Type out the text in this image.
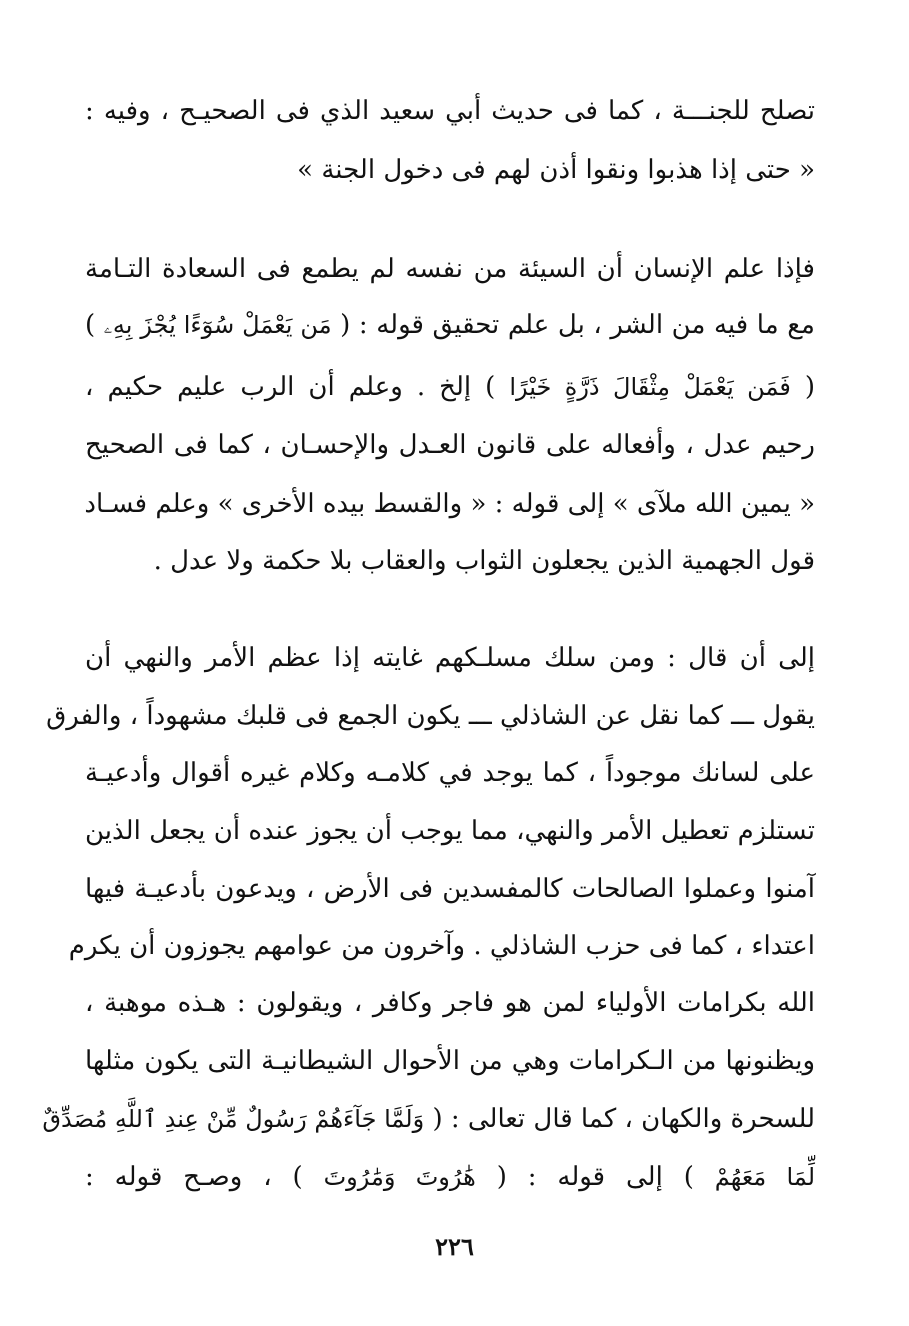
تصلح للجنـــة ، كما فى حديث أبي سعيد الذي فى الصحيـح ، وفيه :
« حتى إذا هذبوا ونقوا أذن لهم فى دخول الجنة »
فإذا علم الإنسان أن السيئة من نفسه لم يطمع فى السعادة التـامة
مع ما فيه من الشر ، بل علم تحقيق قوله : ( مَن يَعْمَلْ سُوٓءًا يُجْزَ بِهِۦ )
( فَمَن يَعْمَلْ مِثْقَالَ ذَرَّةٍ خَيْرًا ) إلخ . وعلم أن الرب عليم حكيم ،
رحيم عدل ، وأفعاله على قانون العـدل والإحسـان ، كما فى الصحيح
« يمين الله ملآى » إلى قوله : « والقسط بيده الأخرى » وعلم فسـاد
قول الجهمية الذين يجعلون الثواب والعقاب بلا حكمة ولا عدل .
إلى أن قال : ومن سلك مسلـكهم غايته إذا عظم الأمر والنهي أن
يقول ـــ كما نقل عن الشاذلي ـــ يكون الجمع فى قلبك مشهوداً ، والفرق
على لسانك موجوداً ، كما يوجد في كلامـه وكلام غيره أقوال وأدعيـة
تستلزم تعطيل الأمر والنهي، مما يوجب أن يجوز عنده أن يجعل الذين
آمنوا وعملوا الصالحات كالمفسدين فى الأرض ، ويدعون بأدعيـة فيها
اعتداء ، كما فى حزب الشاذلي . وآخرون من عوامهم يجوزون أن يكرم
الله بكرامات الأولياء لمن هو فاجر وكافر ، ويقولون : هـذه موهبة ،
ويظنونها من الـكرامات وهي من الأحوال الشيطانيـة التى يكون مثلها
للسحرة والكهان ، كما قال تعالى : ( وَلَمَّا جَآءَهُمْ رَسُولٌ مِّنْ عِندِ ٱللَّهِ مُصَدِّقٌ
لِّمَا مَعَهُمْ ) إلى قوله : ( هَٰرُوتَ وَمَٰرُوتَ ) ، وصـح قوله :
٢٢٦
